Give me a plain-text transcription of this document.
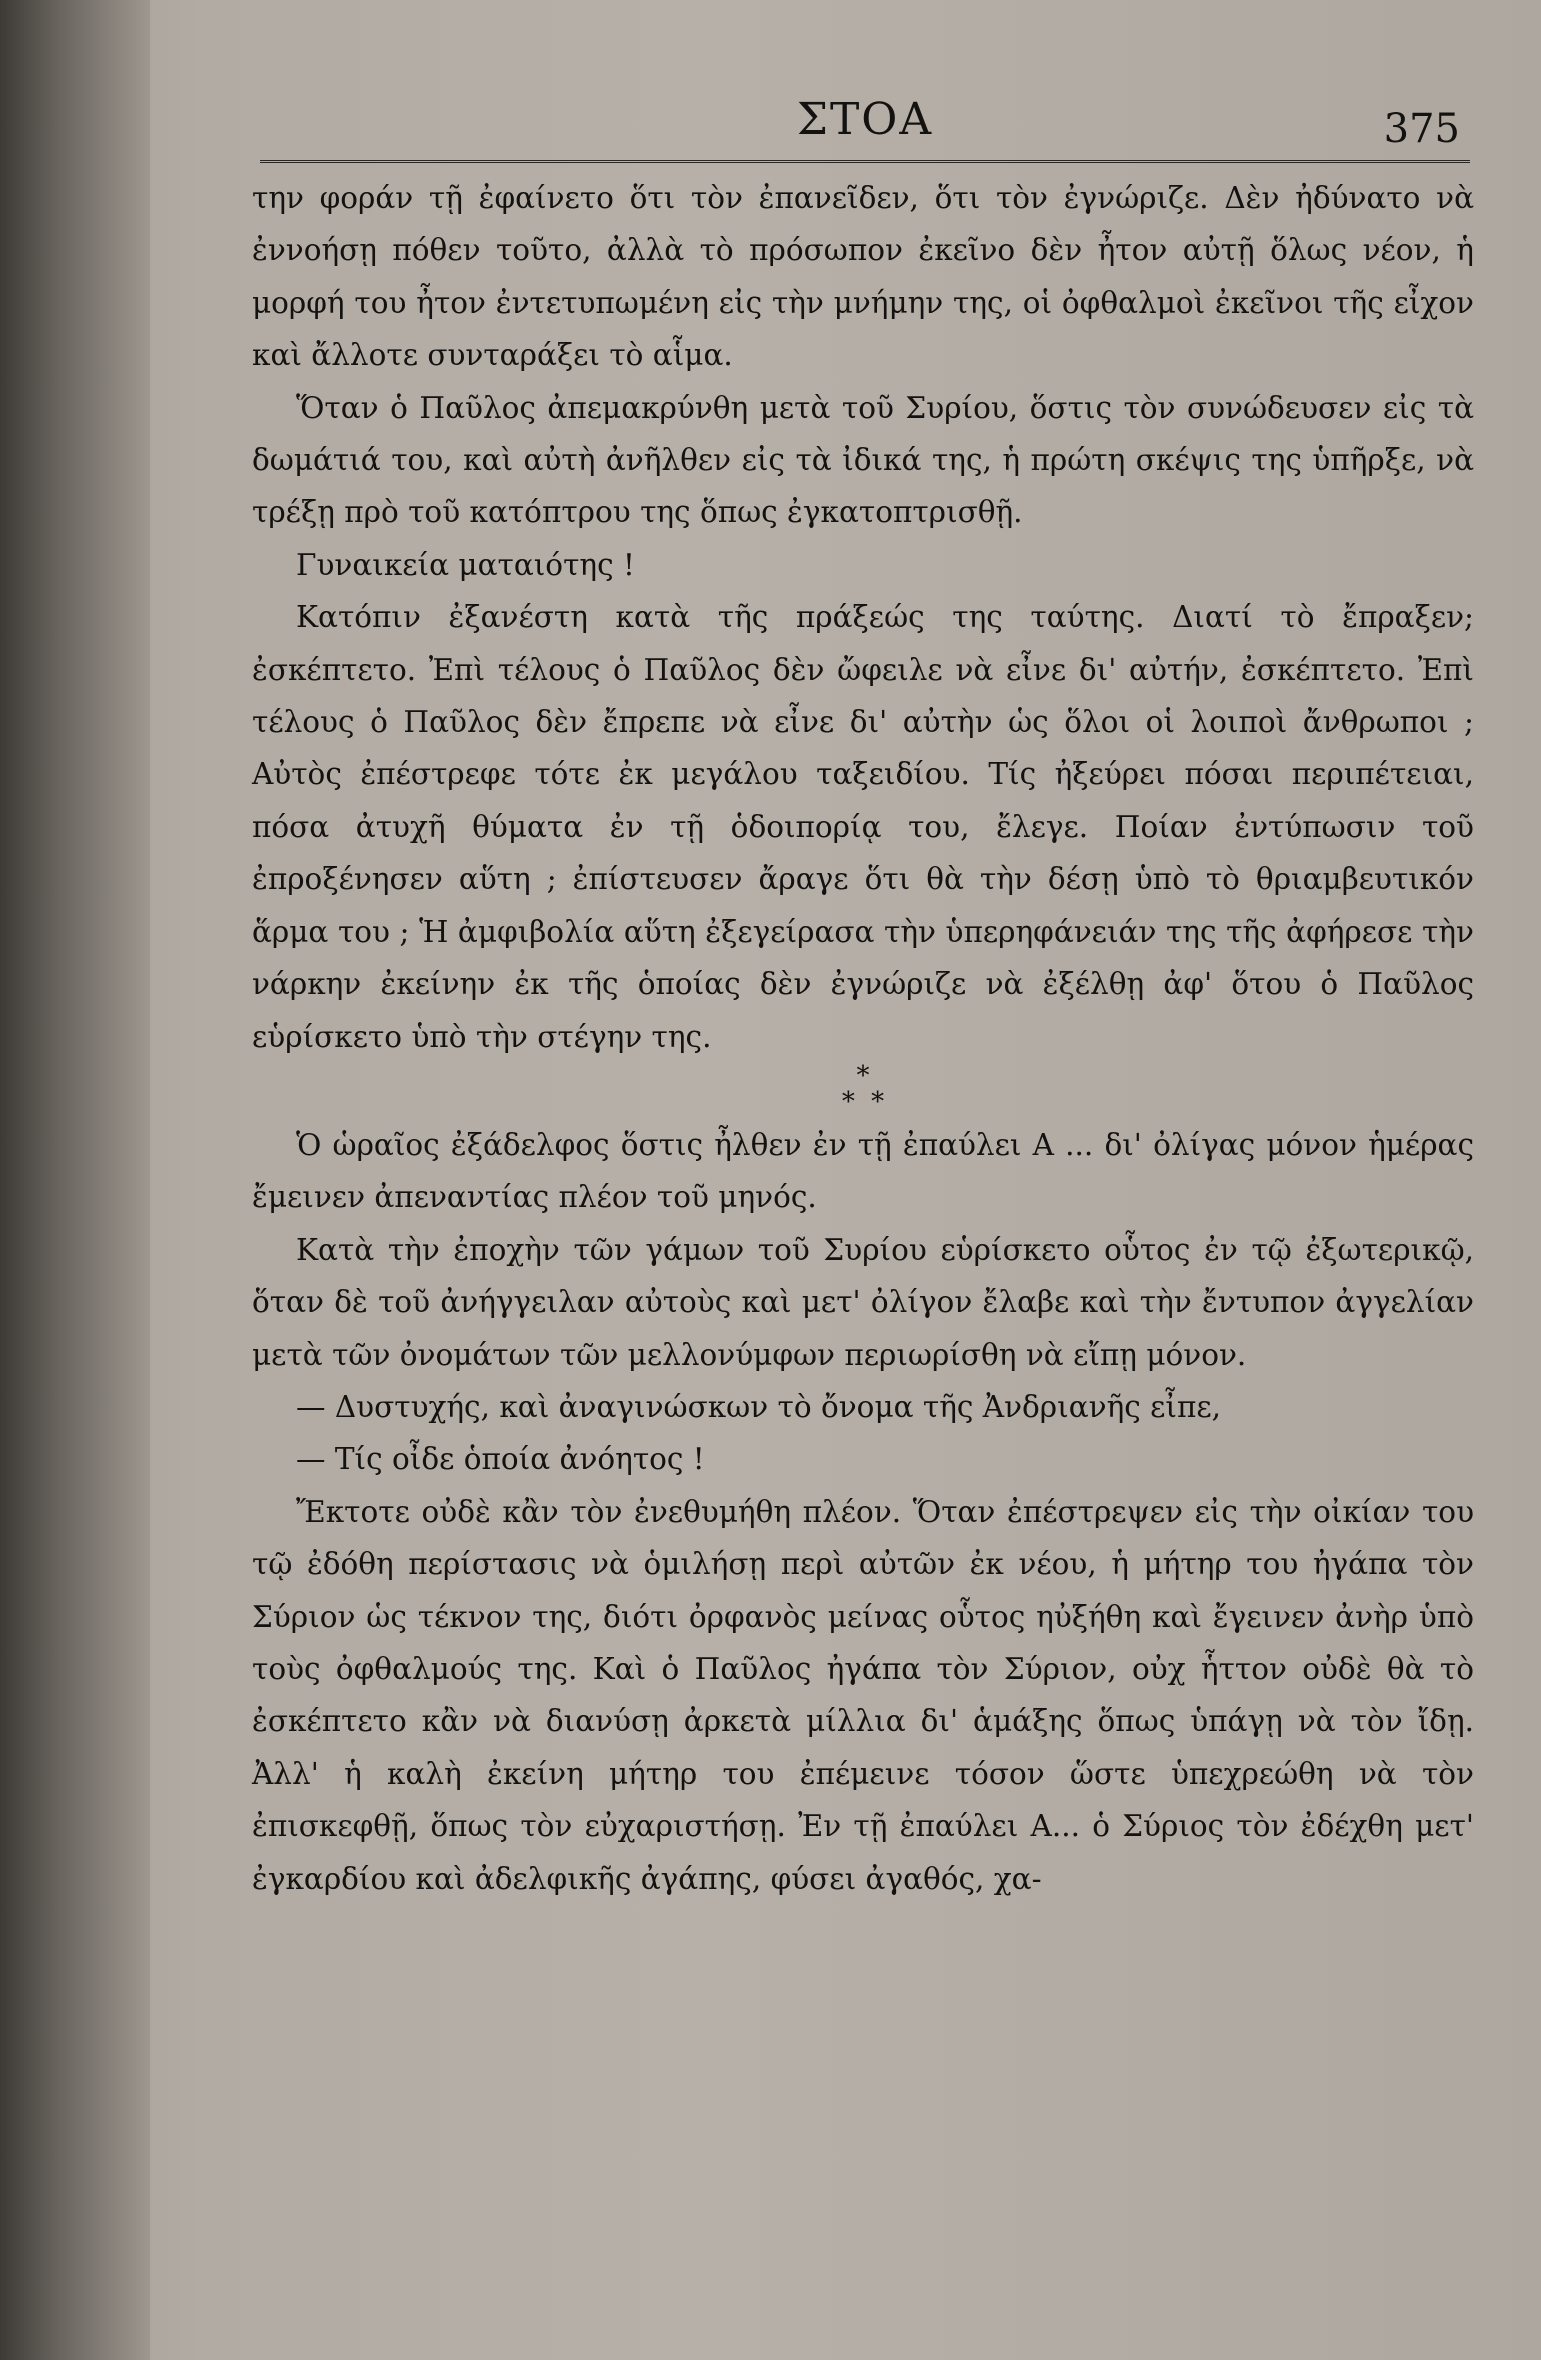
ΣΤΟΑ	375

την φοράν τῇ ἐφαίνετο ὅτι τὸν ἐπανεῖδεν, ὅτι τὸν ἐγνώριζε. Δὲν ἠδύνατο νὰ ἐννοήσῃ πόθεν τοῦτο, ἀλλὰ τὸ πρόσωπον ἐκεῖνο δὲν ἦτον αὐτῇ ὅλως νέον, ἡ μορφή του ἦτον ἐντετυπωμένη εἰς τὴν μνήμην της, οἱ ὀφθαλμοὶ ἐκεῖνοι τῆς εἶχον καὶ ἄλλοτε συνταράξει τὸ αἷμα.

Ὅταν ὁ Παῦλος ἀπεμακρύνθη μετὰ τοῦ Συρίου, ὅστις τὸν συνώδευσεν εἰς τὰ δωμάτιά του, καὶ αὐτὴ ἀνῆλθεν εἰς τὰ ἰδικά της, ἡ πρώτη σκέψις της ὑπῆρξε, νὰ τρέξῃ πρὸ τοῦ κατόπτρου της ὅπως ἐγκατοπτρισθῇ.

Γυναικεία ματαιότης !

Κατόπιν ἐξανέστη κατὰ τῆς πράξεώς της ταύτης. Διατί τὸ ἔπραξεν; ἐσκέπτετο. Ἐπὶ τέλους ὁ Παῦλος δὲν ὤφειλε νὰ εἶνε δι' αὐτήν, ἐσκέπτετο. Ἐπὶ τέλους ὁ Παῦλος δὲν ἔπρεπε νὰ εἶνε δι' αὐτὴν ὡς ὅλοι οἱ λοιποὶ ἄνθρωποι ; Αὐτὸς ἐπέστρεφε τότε ἐκ μεγάλου ταξειδίου. Τίς ἠξεύρει πόσαι περιπέτειαι, πόσα ἀτυχῆ θύματα ἐν τῇ ὁδοιπορίᾳ του, ἔλεγε. Ποίαν ἐντύπωσιν τοῦ ἐπροξένησεν αὕτη ; ἐπίστευσεν ἄραγε ὅτι θὰ τὴν δέσῃ ὑπὸ τὸ θριαμβευτικόν ἅρμα του ; Ἡ ἀμφιβολία αὕτη ἐξεγείρασα τὴν ὑπερηφάνειάν της τῆς ἀφήρεσε τὴν νάρκην ἐκείνην ἐκ τῆς ὁποίας δὲν ἐγνώριζε νὰ ἐξέλθῃ ἀφ' ὅτου ὁ Παῦλος εὑρίσκετο ὑπὸ τὴν στέγην της.

*
* *

Ὁ ὡραῖος ἐξάδελφος ὅστις ἦλθεν ἐν τῇ ἐπαύλει Α ... δι' ὀλίγας μόνον ἡμέρας ἔμεινεν ἀπεναντίας πλέον τοῦ μηνός.

Κατὰ τὴν ἐποχὴν τῶν γάμων τοῦ Συρίου εὑρίσκετο οὗτος ἐν τῷ ἐξωτερικῷ, ὅταν δὲ τοῦ ἀνήγγειλαν αὐτοὺς καὶ μετ' ὀλίγον ἔλαβε καὶ τὴν ἔντυπον ἀγγελίαν μετὰ τῶν ὀνομάτων τῶν μελλονύμφων περιωρίσθη νὰ εἴπῃ μόνον.

— Δυστυχής, καὶ ἀναγινώσκων τὸ ὄνομα τῆς Ἀνδριανῆς εἶπε,

— Τίς οἶδε ὁποία ἀνόητος !

Ἔκτοτε οὐδὲ κἂν τὸν ἐνεθυμήθη πλέον. Ὅταν ἐπέστρεψεν εἰς τὴν οἰκίαν του τῷ ἐδόθη περίστασις νὰ ὁμιλήσῃ περὶ αὐτῶν ἐκ νέου, ἡ μήτηρ του ἠγάπα τὸν Σύριον ὡς τέκνον της, διότι ὀρφανὸς μείνας οὗτος ηὐξήθη καὶ ἔγεινεν ἀνὴρ ὑπὸ τοὺς ὀφθαλμούς της. Καὶ ὁ Παῦλος ἠγάπα τὸν Σύριον, οὐχ ἧττον οὐδὲ θὰ τὸ ἐσκέπτετο κἂν νὰ διανύσῃ ἀρκετὰ μίλλια δι' ἁμάξης ὅπως ὑπάγῃ νὰ τὸν ἴδῃ. Ἀλλ' ἡ καλὴ ἐκείνη μήτηρ του ἐπέμεινε τόσον ὥστε ὑπεχρεώθη νὰ τὸν ἐπισκεφθῇ, ὅπως τὸν εὐχαριστήσῃ. Ἐν τῇ ἐπαύλει Α... ὁ Σύριος τὸν ἐδέχθη μετ' ἐγκαρδίου καὶ ἀδελφικῆς ἀγάπης, φύσει ἀγαθός, χα-
